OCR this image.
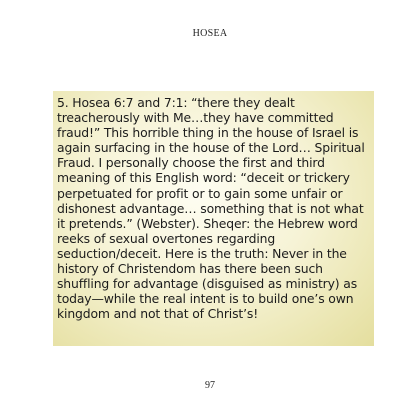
HOSEA

5. Hosea 6:7 and 7:1: “there they dealt treacherously with Me…they have committed fraud!” This horrible thing in the house of Israel is again surfacing in the house of the Lord… Spiritual Fraud. I personally choose the first and third meaning of this English word: “deceit or trickery perpetuated for profit or to gain some unfair or dishonest advantage… something that is not what it pretends.” (Webster). Sheqer: the Hebrew word reeks of sexual overtones regarding seduction/deceit. Here is the truth: Never in the history of Christendom has there been such shuffling for advantage (disguised as ministry) as today—while the real intent is to build one’s own kingdom and not that of Christ’s!

97
